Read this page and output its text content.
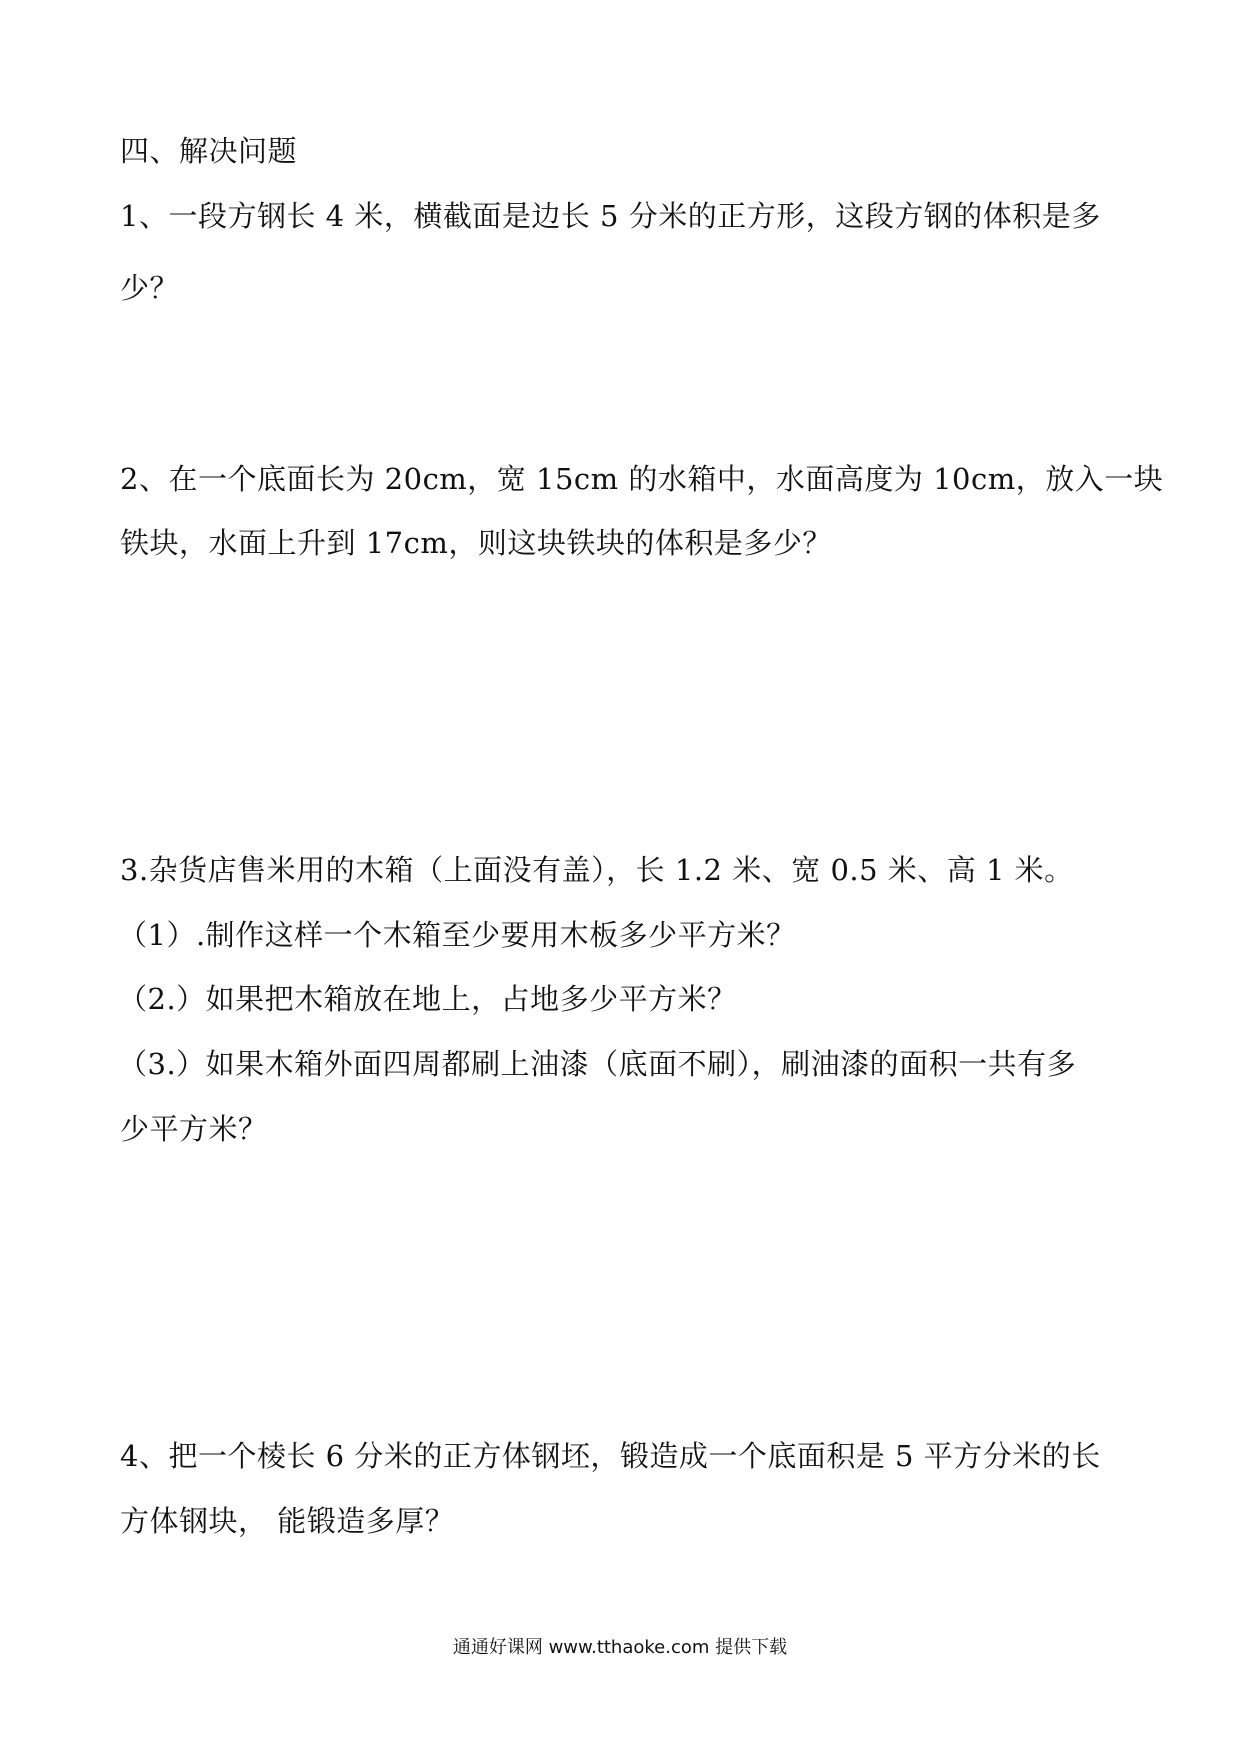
四、解决问题
1、一段方钢长 4 米，横截面是边长 5 分米的正方形，这段方钢的体积是多
少？
2、在一个底面长为 20cm，宽 15cm 的水箱中，水面高度为 10cm，放入一块
铁块，水面上升到 17cm，则这块铁块的体积是多少？
3.杂货店售米用的木箱（上面没有盖），长 1.2 米、宽 0.5 米、高 1 米。
（1）.制作这样一个木箱至少要用木板多少平方米？
（2.）如果把木箱放在地上，占地多少平方米？
（3.）如果木箱外面四周都刷上油漆（底面不刷），刷油漆的面积一共有多
少平方米？
4、把一个棱长 6 分米的正方体钢坯，锻造成一个底面积是 5 平方分米的长
方体钢块， 能锻造多厚？
通通好课网 www.tthaoke.com 提供下载
